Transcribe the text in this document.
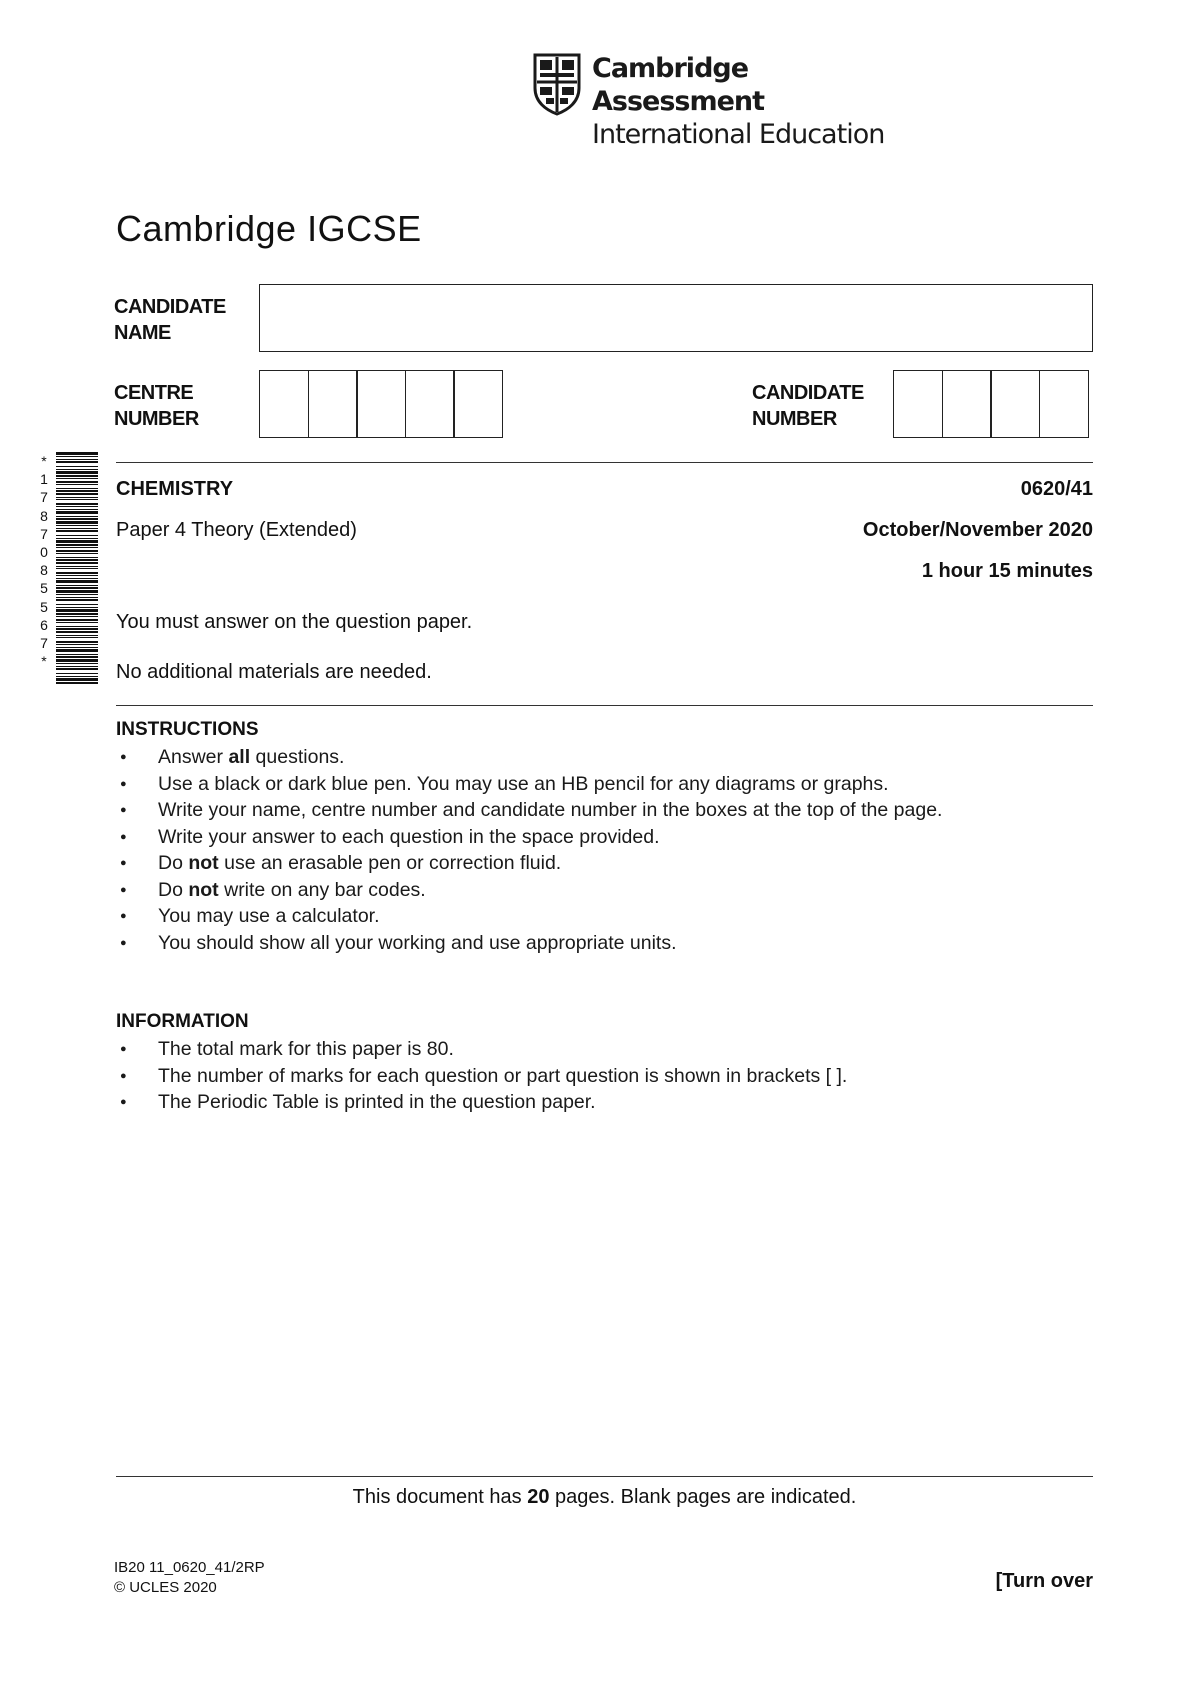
Cambridge Assessment
International Education
Cambridge IGCSE
CANDIDATE
NAME
CENTRE
NUMBER
CANDIDATE
NUMBER
*
1
7
8
7
0
8
5
5
6
7
*
CHEMISTRY	0620/41
Paper 4 Theory (Extended)	October/November 2020
1 hour 15 minutes
You must answer on the question paper.
No additional materials are needed.
INSTRUCTIONS
● Answer all questions.
● Use a black or dark blue pen. You may use an HB pencil for any diagrams or graphs.
● Write your name, centre number and candidate number in the boxes at the top of the page.
● Write your answer to each question in the space provided.
● Do not use an erasable pen or correction fluid.
● Do not write on any bar codes.
● You may use a calculator.
● You should show all your working and use appropriate units.
INFORMATION
● The total mark for this paper is 80.
● The number of marks for each question or part question is shown in brackets [ ].
● The Periodic Table is printed in the question paper.
This document has 20 pages. Blank pages are indicated.
IB20 11_0620_41/2RP
© UCLES 2020	[Turn over
